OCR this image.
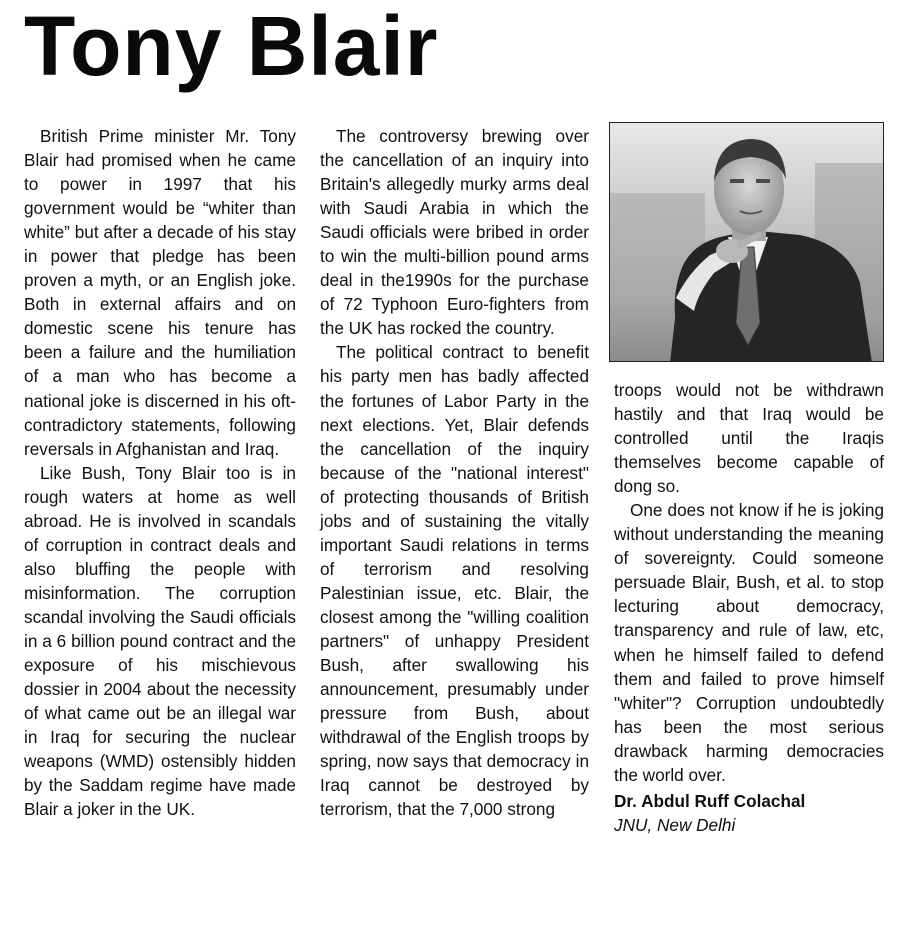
Tony Blair

British Prime minister Mr. Tony Blair had promised when he came to power in 1997 that his government would be “whiter than white” but after a decade of his stay in power that pledge has been proven a myth, or an English joke. Both in external affairs and on domestic scene his tenure has been a failure and the humiliation of a man who has become a national joke is discerned in his oft-contradictory statements, following reversals in Afghanistan and Iraq.

Like Bush, Tony Blair too is in rough waters at home as well abroad. He is involved in scandals of corruption in contract deals and also bluffing the people with misinformation. The corruption scandal involving the Saudi officials in a 6 billion pound contract and the exposure of his mischievous dossier in 2004 about the necessity of what came out be an illegal war in Iraq for securing the nuclear weapons (WMD) ostensibly hidden by the Saddam regime have made Blair a joker in the UK.

The controversy brewing over the cancellation of an inquiry into Britain's allegedly murky arms deal with Saudi Arabia in which the Saudi officials were bribed in order to win the multi-billion pound arms deal in the1990s for the purchase of 72 Typhoon Euro-fighters from the UK has rocked the country.

The political contract to benefit his party men has badly affected the fortunes of Labor Party in the next elections. Yet, Blair defends the cancellation of the inquiry because of the "national interest" of protecting thousands of British jobs and of sustaining the vitally important Saudi relations in terms of terrorism and resolving Palestinian issue, etc. Blair, the closest among the "willing coalition partners" of unhappy President Bush, after swallowing his announcement, presumably under pressure from Bush, about withdrawal of the English troops by spring, now says that democracy in Iraq cannot be destroyed by terrorism, that the 7,000 strong

troops would not be withdrawn hastily and that Iraq would be controlled until the Iraqis themselves become capable of dong so.

One does not know if he is joking without understanding the meaning of sovereignty. Could someone persuade Blair, Bush, et al. to stop lecturing about democracy, transparency and rule of law, etc, when he himself failed to defend them and failed to prove himself "whiter"? Corruption undoubtedly has been the most serious drawback harming democracies the world over.

Dr. Abdul Ruff Colachal
JNU, New Delhi
